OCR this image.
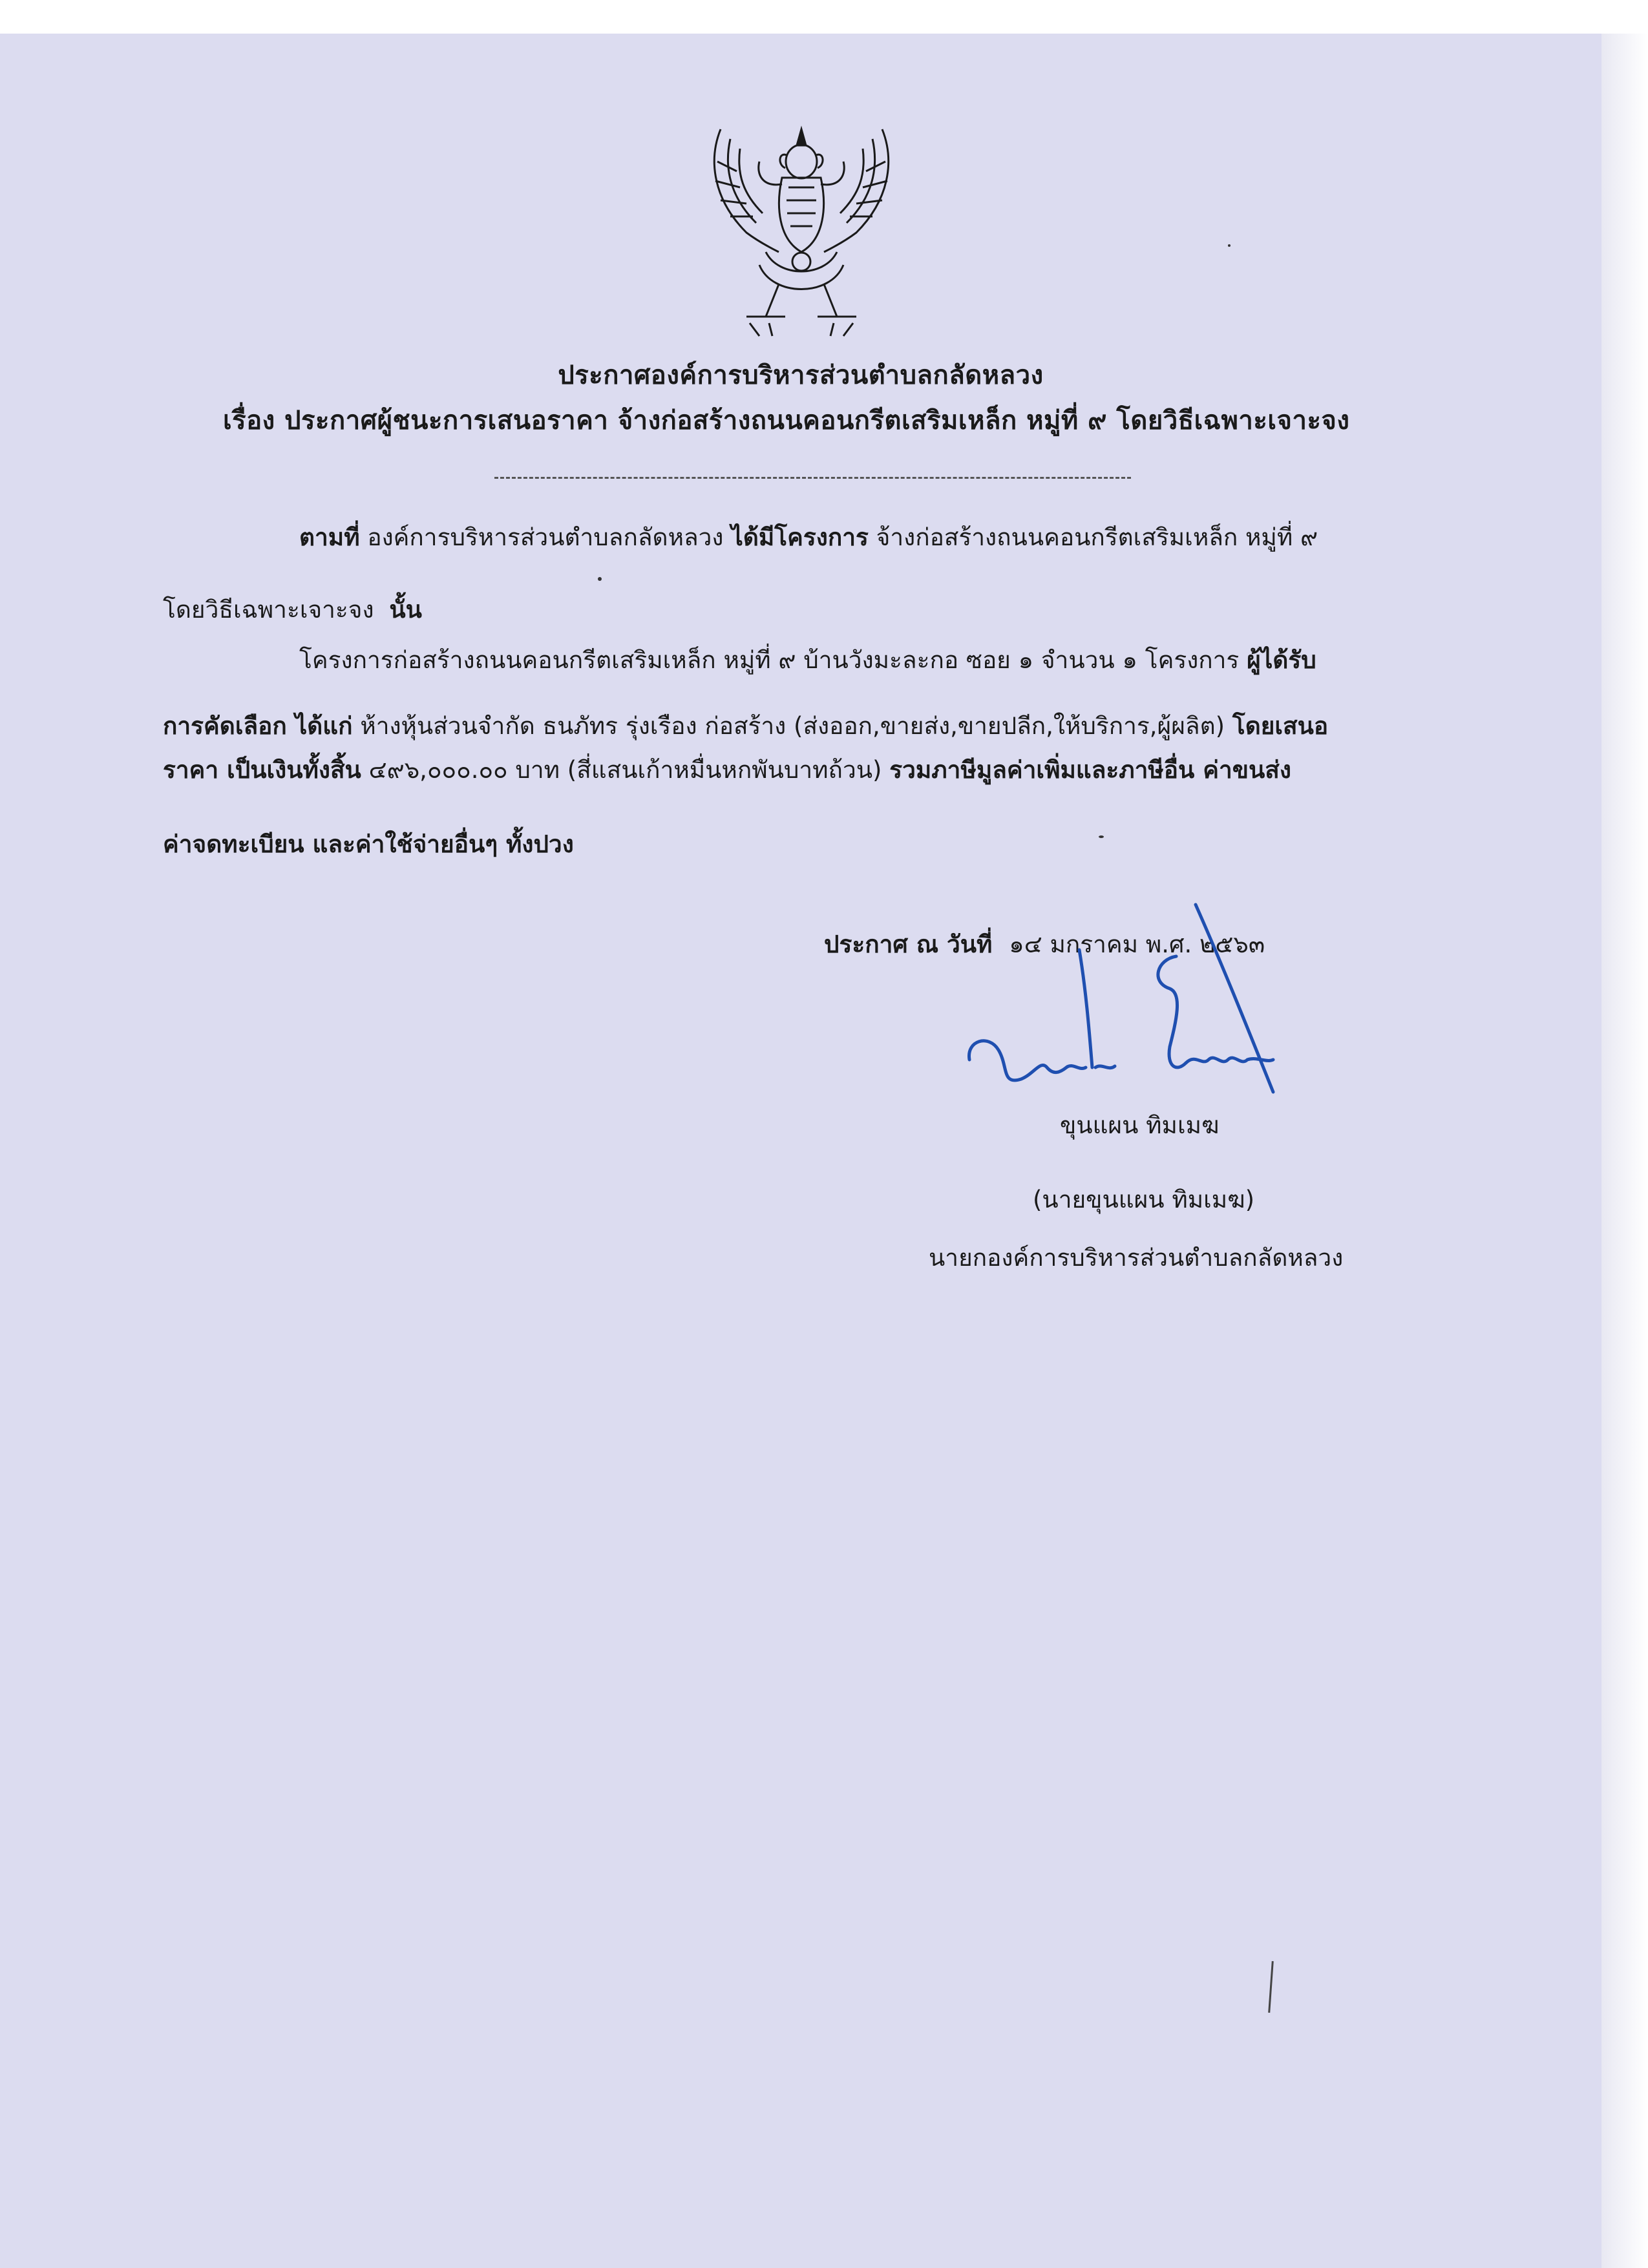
ประกาศองค์การบริหารส่วนตำบลกลัดหลวง
เรื่อง ประกาศผู้ชนะการเสนอราคา จ้างก่อสร้างถนนคอนกรีตเสริมเหล็ก หมู่ที่ ๙ โดยวิธีเฉพาะเจาะจง
ตามที่ องค์การบริหารส่วนตำบลกลัดหลวง ได้มีโครงการ จ้างก่อสร้างถนนคอนกรีตเสริมเหล็ก หมู่ที่ ๙
โดยวิธีเฉพาะเจาะจง นั้น
โครงการก่อสร้างถนนคอนกรีตเสริมเหล็ก หมู่ที่ ๙ บ้านวังมะละกอ ซอย ๑ จำนวน ๑ โครงการ ผู้ได้รับ
การคัดเลือก ได้แก่ ห้างหุ้นส่วนจำกัด ธนภัทร รุ่งเรือง ก่อสร้าง (ส่งออก,ขายส่ง,ขายปลีก,ให้บริการ,ผู้ผลิต) โดยเสนอ
ราคา เป็นเงินทั้งสิ้น ๔๙๖,๐๐๐.๐๐ บาท (สี่แสนเก้าหมื่นหกพันบาทถ้วน) รวมภาษีมูลค่าเพิ่มและภาษีอื่น ค่าขนส่ง
ค่าจดทะเบียน และค่าใช้จ่ายอื่นๆ ทั้งปวง
ประกาศ ณ วันที่ ๑๔ มกราคม พ.ศ. ๒๕๖๓
ขุนแผน ทิมเมฆ
(นายขุนแผน ทิมเมฆ)
นายกองค์การบริหารส่วนตำบลกลัดหลวง
